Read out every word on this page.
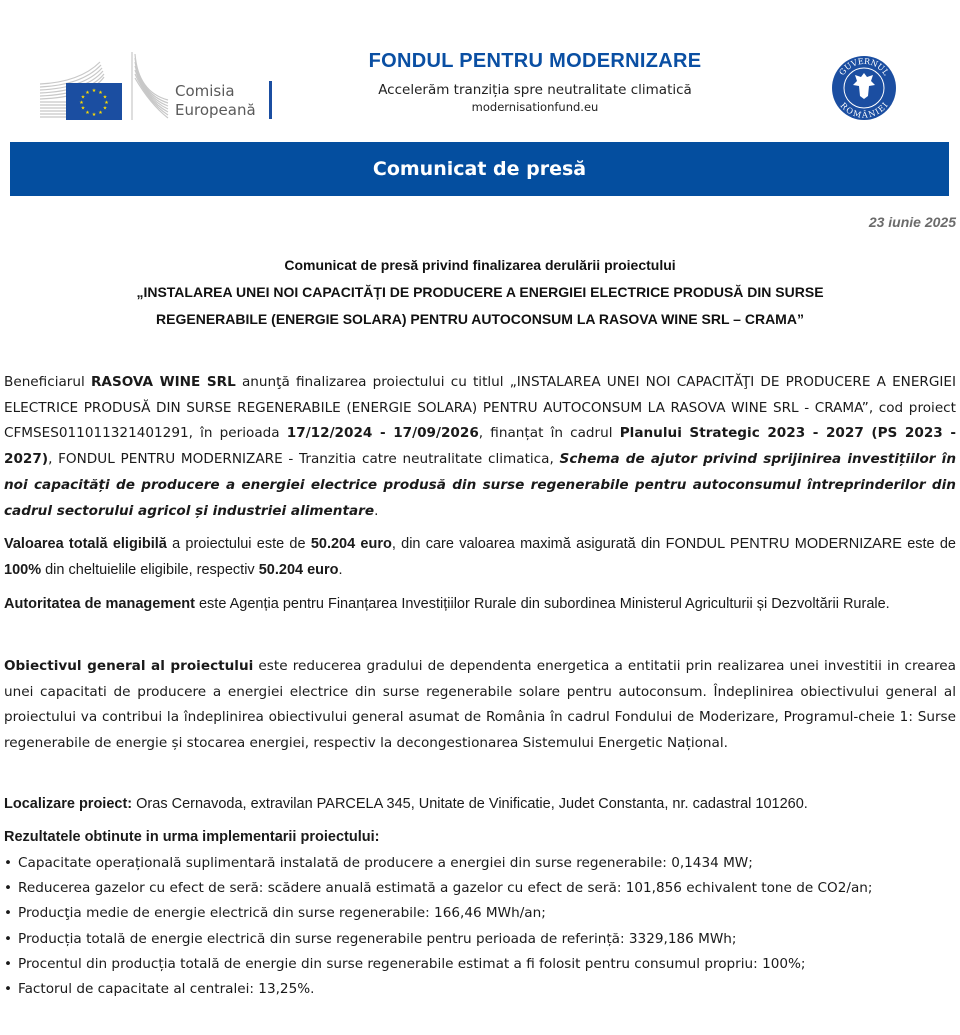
★ ★
★
★
★
★
★
★
★
★
★
★	Comisia
Europeană
FONDUL PENTRU MODERNIZARE
Accelerăm tranziția spre neutralitate climatică
modernisationfund.eu
GUVERNUL
ROMÂNIEI
Comunicat de presă
23 iunie 2025
Comunicat de presă privind finalizarea derulării proiectului
„INSTALAREA UNEI NOI CAPACITĂȚI DE PRODUCERE A ENERGIEI ELECTRICE PRODUSĂ DIN SURSE
REGENERABILE (ENERGIE SOLARA) PENTRU AUTOCONSUM LA RASOVA WINE SRL – CRAMA”

Beneficiarul RASOVA WINE SRL anunţă finalizarea proiectului cu titlul „INSTALAREA UNEI NOI CAPACITĂŢI DE PRODUCERE A ENERGIEI ELECTRICE PRODUSĂ DIN SURSE REGENERABILE (ENERGIE SOLARA) PENTRU AUTOCONSUM LA RASOVA WINE SRL - CRAMA”, cod proiect CFMSES011011321401291, în perioada 17/12/2024 - 17/09/2026, finanțat în cadrul Planului Strategic 2023 - 2027 (PS 2023 - 2027), FONDUL PENTRU MODERNIZARE - Tranzitia catre neutralitate climatica, Schema de ajutor privind sprijinirea investițiilor în noi capacități de producere a energiei electrice produsă din surse regenerabile pentru autoconsumul întreprinderilor din cadrul sectorului agricol și industriei alimentare.

Valoarea totală eligibilă a proiectului este de 50.204 euro, din care valoarea maximă asigurată din FONDUL PENTRU MODERNIZARE este de 100% din cheltuielile eligibile, respectiv 50.204 euro.

Autoritatea de management este Agenția pentru Finanțarea Investițiilor Rurale din subordinea Ministerul Agriculturii și Dezvoltării Rurale.

Obiectivul general al proiectului este reducerea gradului de dependenta energetica a entitatii prin realizarea unei investitii in crearea unei capacitati de producere a energiei electrice din surse regenerabile solare pentru autoconsum. Îndeplinirea obiectivului general al proiectului va contribui la îndeplinirea obiectivului general asumat de România în cadrul Fondului de Moderizare, Programul-cheie 1: Surse regenerabile de energie și stocarea energiei, respectiv la decongestionarea Sistemului Energetic Național.

Localizare proiect: Oras Cernavoda, extravilan PARCELA 345, Unitate de Vinificatie, Judet Constanta, nr. cadastral 101260.

Rezultatele obtinute in urma implementarii proiectului:

• Capacitate operațională suplimentară instalată de producere a energiei din surse regenerabile: 0,1434 MW;
• Reducerea gazelor cu efect de seră: scădere anuală estimată a gazelor cu efect de seră: 101,856 echivalent tone de CO2/an;
• Producţia medie de energie electrică din surse regenerabile: 166,46 MWh/an;
• Producția totală de energie electrică din surse regenerabile pentru perioada de referință: 3329,186 MWh;
• Procentul din producția totală de energie din surse regenerabile estimat a fi folosit pentru consumul propriu: 100%;
• Factorul de capacitate al centralei: 13,25%.
